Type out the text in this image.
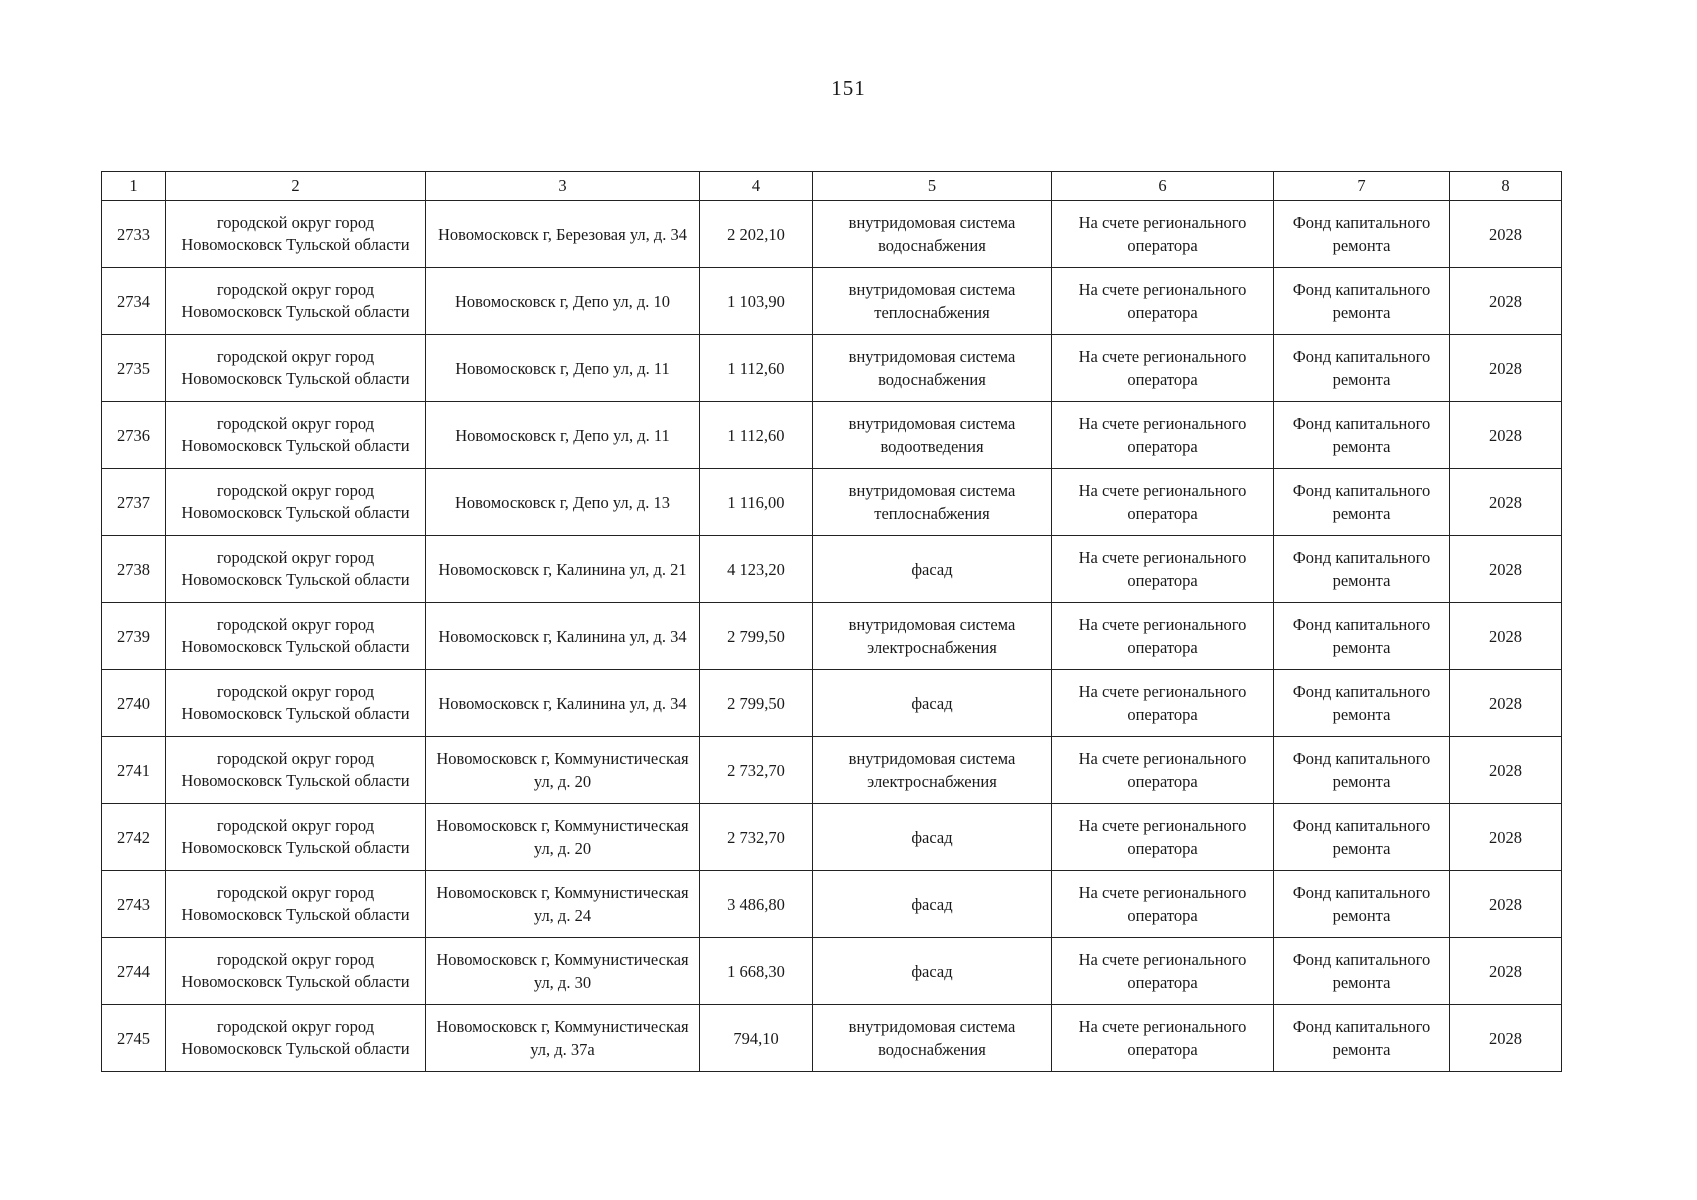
151
1	2	3	4	5	6	7	8
2733	городской округ город Новомосковск Тульской области	Новомосковск г, Березовая ул, д. 34	2 202,10	внутридомовая система водоснабжения	На счете регионального оператора	Фонд капитального ремонта	2028
2734	городской округ город Новомосковск Тульской области	Новомосковск г, Депо ул, д. 10	1 103,90	внутридомовая система теплоснабжения	На счете регионального оператора	Фонд капитального ремонта	2028
2735	городской округ город Новомосковск Тульской области	Новомосковск г, Депо ул, д. 11	1 112,60	внутридомовая система водоснабжения	На счете регионального оператора	Фонд капитального ремонта	2028
2736	городской округ город Новомосковск Тульской области	Новомосковск г, Депо ул, д. 11	1 112,60	внутридомовая система водоотведения	На счете регионального оператора	Фонд капитального ремонта	2028
2737	городской округ город Новомосковск Тульской области	Новомосковск г, Депо ул, д. 13	1 116,00	внутридомовая система теплоснабжения	На счете регионального оператора	Фонд капитального ремонта	2028
2738	городской округ город Новомосковск Тульской области	Новомосковск г, Калинина ул, д. 21	4 123,20	фасад	На счете регионального оператора	Фонд капитального ремонта	2028
2739	городской округ город Новомосковск Тульской области	Новомосковск г, Калинина ул, д. 34	2 799,50	внутридомовая система электроснабжения	На счете регионального оператора	Фонд капитального ремонта	2028
2740	городской округ город Новомосковск Тульской области	Новомосковск г, Калинина ул, д. 34	2 799,50	фасад	На счете регионального оператора	Фонд капитального ремонта	2028
2741	городской округ город Новомосковск Тульской области	Новомосковск г, Коммунистическая ул, д. 20	2 732,70	внутридомовая система электроснабжения	На счете регионального оператора	Фонд капитального ремонта	2028
2742	городской округ город Новомосковск Тульской области	Новомосковск г, Коммунистическая ул, д. 20	2 732,70	фасад	На счете регионального оператора	Фонд капитального ремонта	2028
2743	городской округ город Новомосковск Тульской области	Новомосковск г, Коммунистическая ул, д. 24	3 486,80	фасад	На счете регионального оператора	Фонд капитального ремонта	2028
2744	городской округ город Новомосковск Тульской области	Новомосковск г, Коммунистическая ул, д. 30	1 668,30	фасад	На счете регионального оператора	Фонд капитального ремонта	2028
2745	городской округ город Новомосковск Тульской области	Новомосковск г, Коммунистическая ул, д. 37а	794,10	внутридомовая система водоснабжения	На счете регионального оператора	Фонд капитального ремонта	2028
